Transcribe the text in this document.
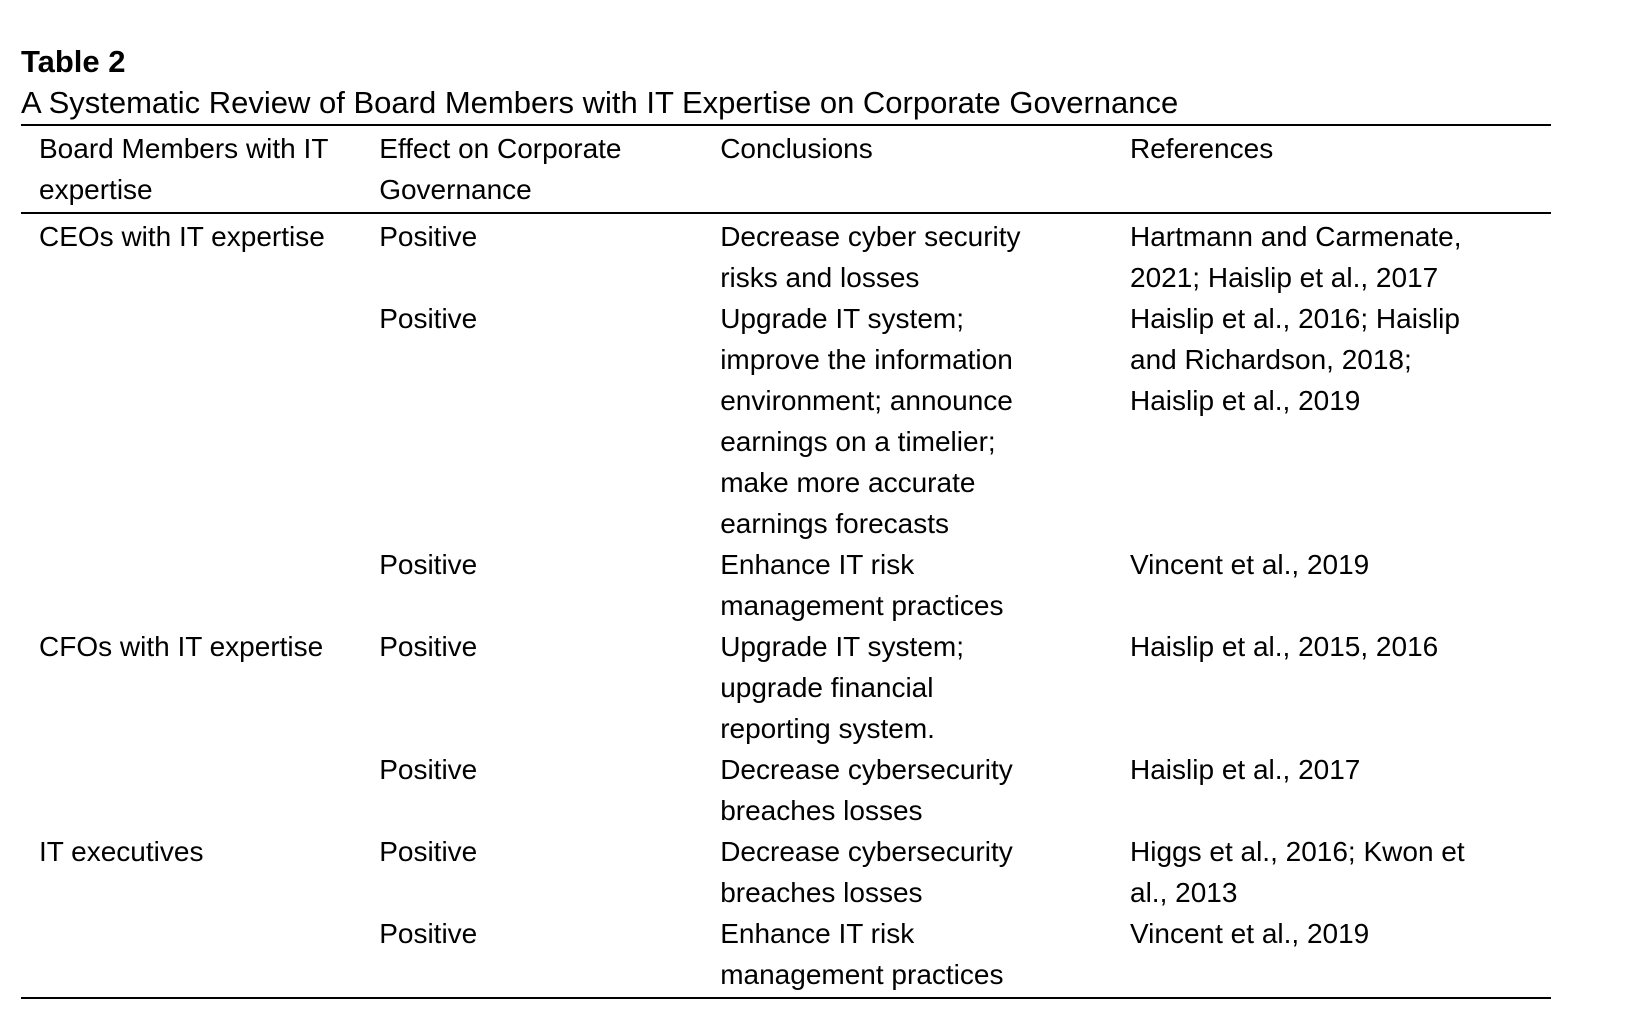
Table 2

A Systematic Review of Board Members with IT Expertise on Corporate Governance

Board Members with IT expertise	Effect on Corporate Governance	Conclusions	References

CEOs with IT expertise	Positive	Decrease cyber security risks and losses	Hartmann and Carmenate, 2021; Haislip et al., 2017
	Positive	Upgrade IT system; improve the information environment; announce earnings on a timelier; make more accurate earnings forecasts	Haislip et al., 2016; Haislip and Richardson, 2018; Haislip et al., 2019
	Positive	Enhance IT risk management practices	Vincent et al., 2019
CFOs with IT expertise	Positive	Upgrade IT system; upgrade financial reporting system.	Haislip et al., 2015, 2016
	Positive	Decrease cybersecurity breaches losses	Haislip et al., 2017
IT executives	Positive	Decrease cybersecurity breaches losses	Higgs et al., 2016; Kwon et al., 2013
	Positive	Enhance IT risk management practices	Vincent et al., 2019
